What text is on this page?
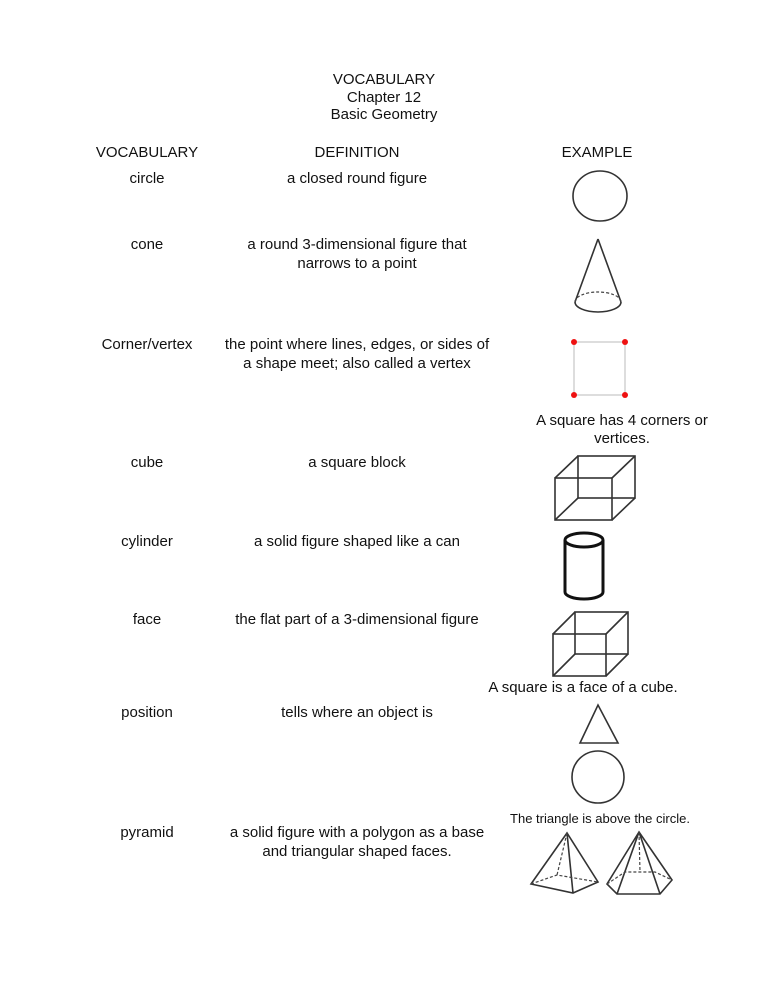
VOCABULARY
Chapter 12
Basic Geometry
VOCABULARY	DEFINITION	EXAMPLE
circle	a closed round figure
cone	a round 3-dimensional figure that
narrows to a point
Corner/vertex the point where lines, edges, or sides of
a shape meet; also called a vertex
A square has 4 corners or
vertices.
cube	a square block
cylinder	a solid figure shaped like a can
face	the flat part of a 3-dimensional figure
A square is a face of a cube.
position	tells where an object is
The triangle is above the circle.
pyramid	a solid figure with a polygon as a base
and triangular shaped faces.
